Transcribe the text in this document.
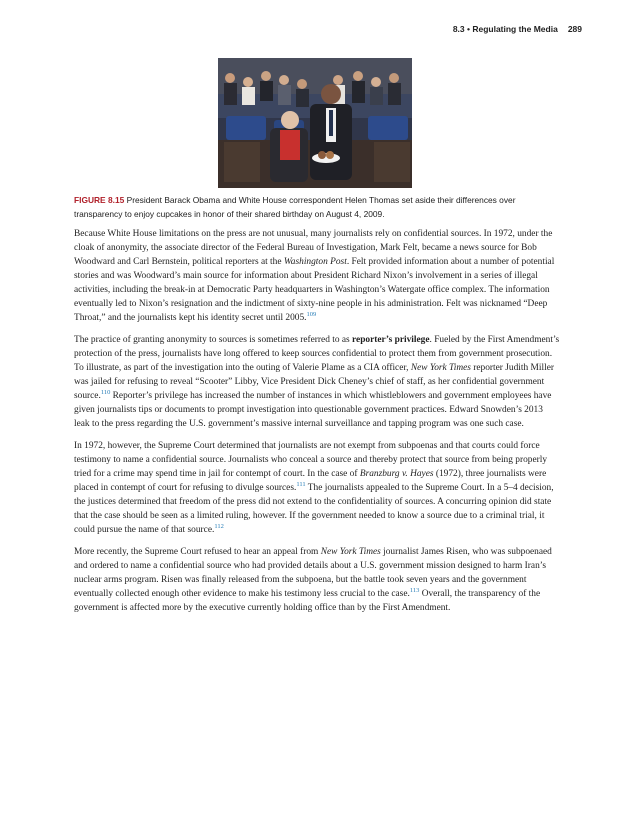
8.3 • Regulating the Media 289
FIGURE 8.15 President Barack Obama and White House correspondent Helen Thomas set aside their differences over transparency to enjoy cupcakes in honor of their shared birthday on August 4, 2009.

Because White House limitations on the press are not unusual, many journalists rely on confidential sources. In 1972, under the cloak of anonymity, the associate director of the Federal Bureau of Investigation, Mark Felt, became a news source for Bob Woodward and Carl Bernstein, political reporters at the Washington Post. Felt provided information about a number of potential stories and was Woodward’s main source for information about President Richard Nixon’s involvement in a series of illegal activities, including the break-in at Democratic Party headquarters in Washington’s Watergate office complex. The information eventually led to Nixon’s resignation and the indictment of sixty-nine people in his administration. Felt was nicknamed “Deep Throat,” and the journalists kept his identity secret until 2005.$^{109}$

The practice of granting anonymity to sources is sometimes referred to as reporter’s privilege. Fueled by the First Amendment’s protection of the press, journalists have long offered to keep sources confidential to protect them from government prosecution. To illustrate, as part of the investigation into the outing of Valerie Plame as a CIA officer, New York Times reporter Judith Miller was jailed for refusing to reveal “Scooter” Libby, Vice President Dick Cheney’s chief of staff, as her confidential government source.$^{110}$ Reporter’s privilege has increased the number of instances in which whistleblowers and government employees have given journalists tips or documents to prompt investigation into questionable government practices. Edward Snowden’s 2013 leak to the press regarding the U.S. government’s massive internal surveillance and tapping program was one such case.

In 1972, however, the Supreme Court determined that journalists are not exempt from subpoenas and that courts could force testimony to name a confidential source. Journalists who conceal a source and thereby protect that source from being properly tried for a crime may spend time in jail for contempt of court. In the case of Branzburg v. Hayes (1972), three journalists were placed in contempt of court for refusing to divulge sources.$^{111}$ The journalists appealed to the Supreme Court. In a 5–4 decision, the justices determined that freedom of the press did not extend to the confidentiality of sources. A concurring opinion did state that the case should be seen as a limited ruling, however. If the government needed to know a source due to a criminal trial, it could pursue the name of that source.$^{112}$

More recently, the Supreme Court refused to hear an appeal from New York Times journalist James Risen, who was subpoenaed and ordered to name a confidential source who had provided details about a U.S. government mission designed to harm Iran’s nuclear arms program. Risen was finally released from the subpoena, but the battle took seven years and the government eventually collected enough other evidence to make his testimony less crucial to the case.$^{113}$ Overall, the transparency of the government is affected more by the executive currently holding office than by the First Amendment.
